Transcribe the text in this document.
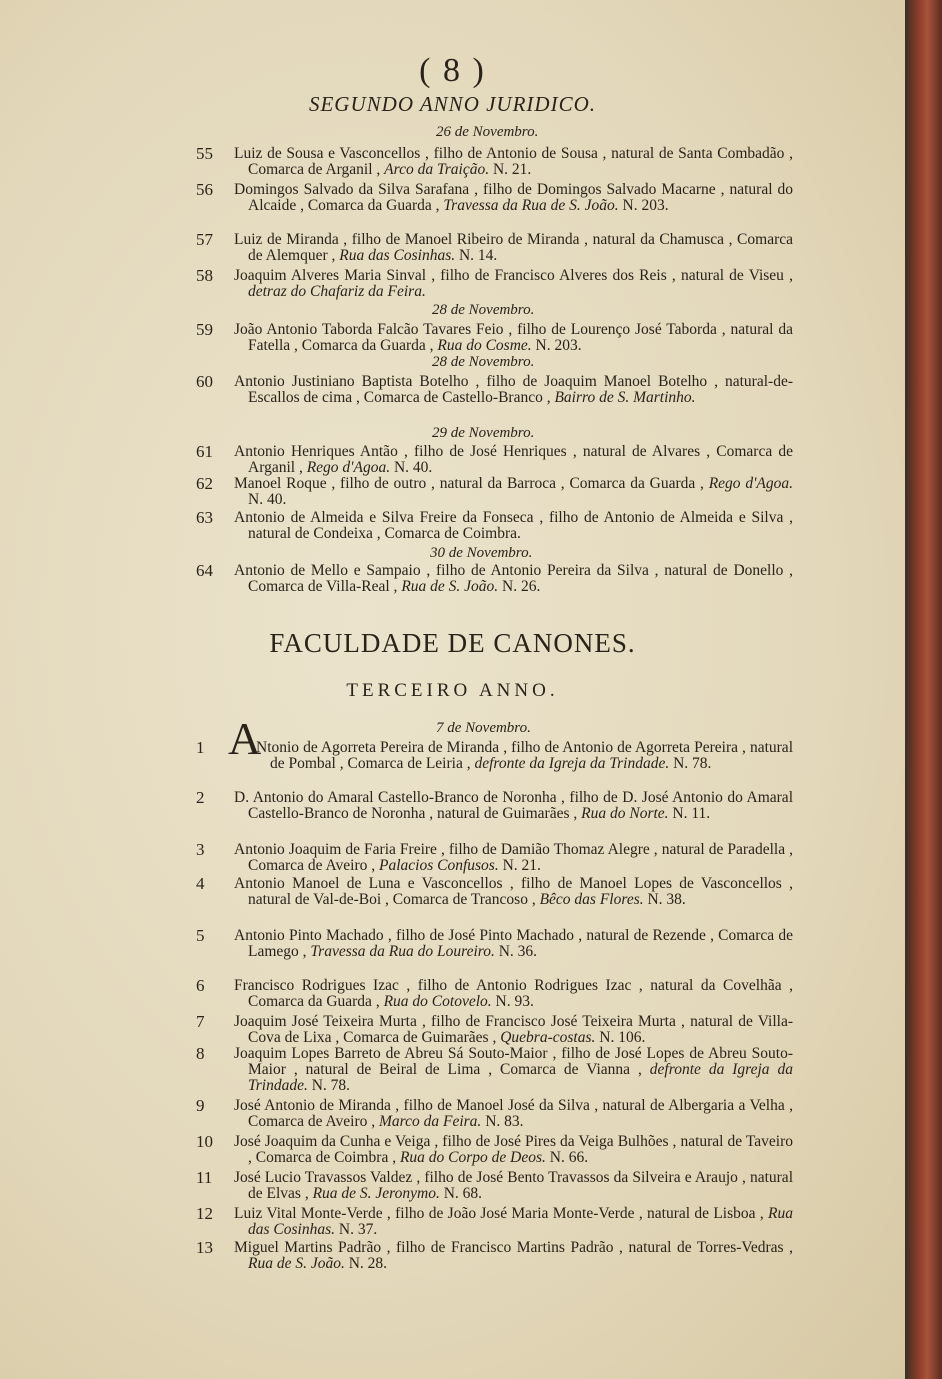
( 8 )
SEGUNDO ANNO JURIDICO.
26 de Novembro.
55 Luiz de Sousa e Vasconcellos , filho de Antonio de Sousa , natural de Santa Combadão , Comarca de Arganil , Arco da Traição. N. 21.
56 Domingos Salvado da Silva Sarafana , filho de Domingos Salvado Macarne , natural do Alcaide , Comarca da Guarda , Travessa da Rua de S. João. N. 203.
57 Luiz de Miranda , filho de Manoel Ribeiro de Miranda , natural da Chamusca , Comarca de Alemquer , Rua das Cosinhas. N. 14.
58 Joaquim Alveres Maria Sinval , filho de Francisco Alveres dos Reis , natural de Viseu , detraz do Chafariz da Feira.
28 de Novembro.
59 João Antonio Taborda Falcão Tavares Feio , filho de Lourenço José Taborda , natural da Fatella , Comarca da Guarda , Rua do Cosme. N. 203.
28 de Novembro.
60 Antonio Justiniano Baptista Botelho , filho de Joaquim Manoel Botelho , natural-de-Escallos de cima , Comarca de Castello-Branco , Bairro de S. Martinho.
29 de Novembro.
61 Antonio Henriques Antão , filho de José Henriques , natural de Alvares , Comarca de Arganil , Rego d'Agoa. N. 40.
62 Manoel Roque , filho de outro , natural da Barroca , Comarca da Guarda , Rego d'Agoa. N. 40.
63 Antonio de Almeida e Silva Freire da Fonseca , filho de Antonio de Almeida e Silva , natural de Condeixa , Comarca de Coimbra.
30 de Novembro.
64 Antonio de Mello e Sampaio , filho de Antonio Pereira da Silva , natural de Donello , Comarca de Villa-Real , Rua de S. João. N. 26.
FACULDADE DE CANONES.
TERCEIRO ANNO.
7 de Novembro.
A
1	Ntonio de Agorreta Pereira de Miranda , filho de Antonio de Agorreta Pereira , natural de Pombal , Comarca de Leiria , defronte da Igreja da Trindade. N. 78.
2 D. Antonio do Amaral Castello-Branco de Noronha , filho de D. José Antonio do Amaral Castello-Branco de Noronha , natural de Guimarães , Rua do Norte. N. 11.
3 Antonio Joaquim de Faria Freire , filho de Damião Thomaz Alegre , natural de Paradella , Comarca de Aveiro , Palacios Confusos. N. 21.
4 Antonio Manoel de Luna e Vasconcellos , filho de Manoel Lopes de Vasconcellos , natural de Val-de-Boi , Comarca de Trancoso , Bêco das Flores. N. 38.
5 Antonio Pinto Machado , filho de José Pinto Machado , natural de Rezende , Comarca de Lamego , Travessa da Rua do Loureiro. N. 36.
6 Francisco Rodrigues Izac , filho de Antonio Rodrigues Izac , natural da Covelhãa , Comarca da Guarda , Rua do Cotovelo. N. 93.
7 Joaquim José Teixeira Murta , filho de Francisco José Teixeira Murta , natural de Villa-Cova de Lixa , Comarca de Guimarães , Quebra-costas. N. 106.
8 Joaquim Lopes Barreto de Abreu Sá Souto-Maior , filho de José Lopes de Abreu Souto-Maior , natural de Beiral de Lima , Comarca de Vianna , defronte da Igreja da Trindade. N. 78.
9 José Antonio de Miranda , filho de Manoel José da Silva , natural de Albergaria a Velha , Comarca de Aveiro , Marco da Feira. N. 83.
10 José Joaquim da Cunha e Veiga , filho de José Pires da Veiga Bulhões , natural de Taveiro , Comarca de Coimbra , Rua do Corpo de Deos. N. 66.
11 José Lucio Travassos Valdez , filho de José Bento Travassos da Silveira e Araujo , natural de Elvas , Rua de S. Jeronymo. N. 68.
12 Luiz Vital Monte-Verde , filho de João José Maria Monte-Verde , natural de Lisboa , Rua das Cosinhas. N. 37.
13 Miguel Martins Padrão , filho de Francisco Martins Padrão , natural de Torres-Vedras , Rua de S. João. N. 28.
